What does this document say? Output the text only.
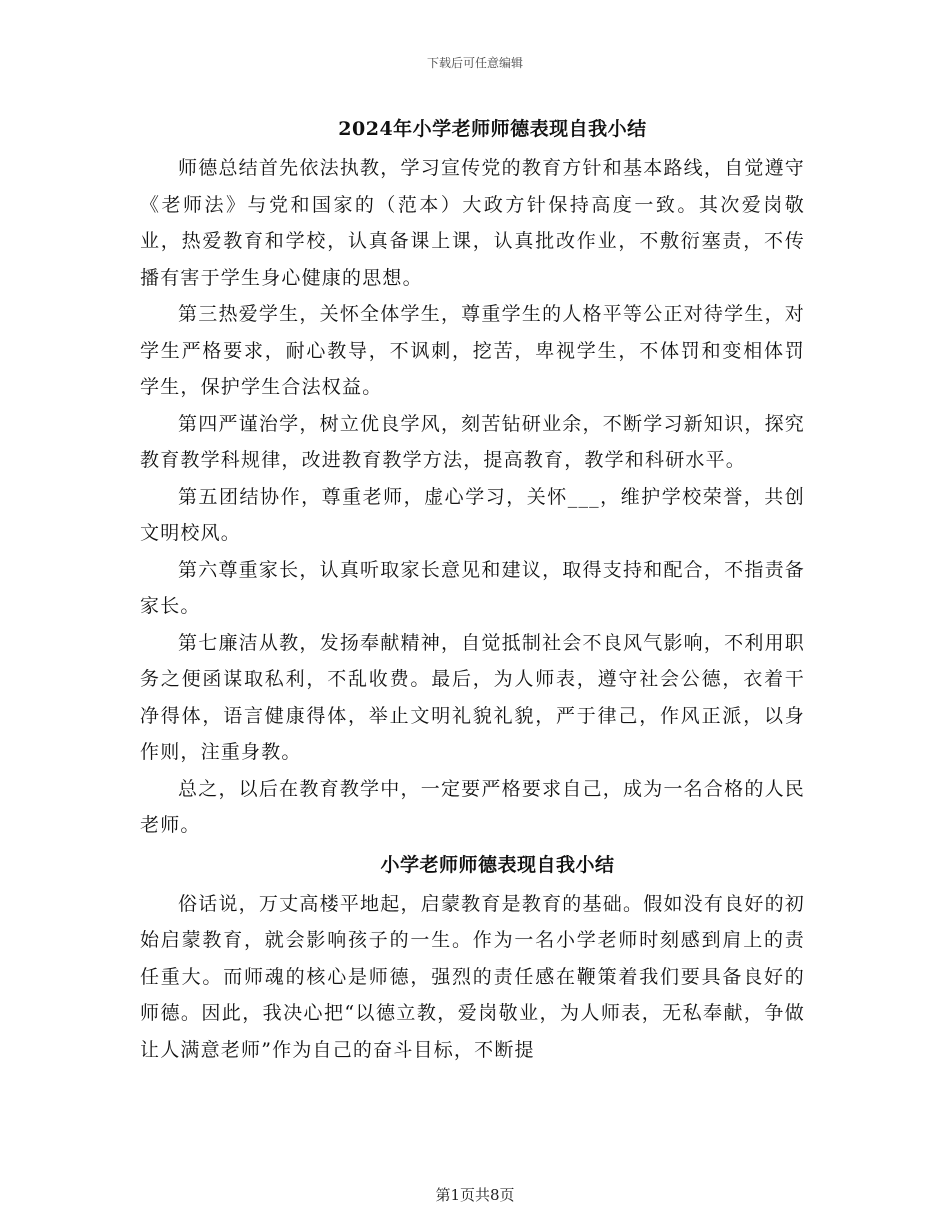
下载后可任意编辑
2024年小学老师师德表现自我小结

师德总结首先依法执教，学习宣传党的教育方针和基本路线，自觉遵守《老师法》与党和国家的（范本）大政方针保持高度一致。其次爱岗敬业，热爱教育和学校，认真备课上课，认真批改作业，不敷衍塞责，不传播有害于学生身心健康的思想。

第三热爱学生，关怀全体学生，尊重学生的人格平等公正对待学生，对学生严格要求，耐心教导，不讽刺，挖苦，卑视学生，不体罚和变相体罚学生，保护学生合法权益。

第四严谨治学，树立优良学风，刻苦钻研业余，不断学习新知识，探究教育教学科规律，改进教育教学方法，提高教育，教学和科研水平。

第五团结协作，尊重老师，虚心学习，关怀___，维护学校荣誉，共创文明校风。

第六尊重家长，认真听取家长意见和建议，取得支持和配合，不指责备家长。

第七廉洁从教，发扬奉献精神，自觉抵制社会不良风气影响，不利用职务之便函谋取私利，不乱收费。最后，为人师表，遵守社会公德，衣着干净得体，语言健康得体，举止文明礼貌礼貌，严于律己，作风正派，以身作则，注重身教。

总之，以后在教育教学中，一定要严格要求自己，成为一名合格的人民老师。

小学老师师德表现自我小结

俗话说，万丈高楼平地起，启蒙教育是教育的基础。假如没有良好的初始启蒙教育，就会影响孩子的一生。作为一名小学老师时刻感到肩上的责任重大。而师魂的核心是师德，强烈的责任感在鞭策着我们要具备良好的师德。因此，我决心把“以德立教，爱岗敬业，为人师表，无私奉献，争做让人满意老师”作为自己的奋斗目标，不断提

第1页共8页
